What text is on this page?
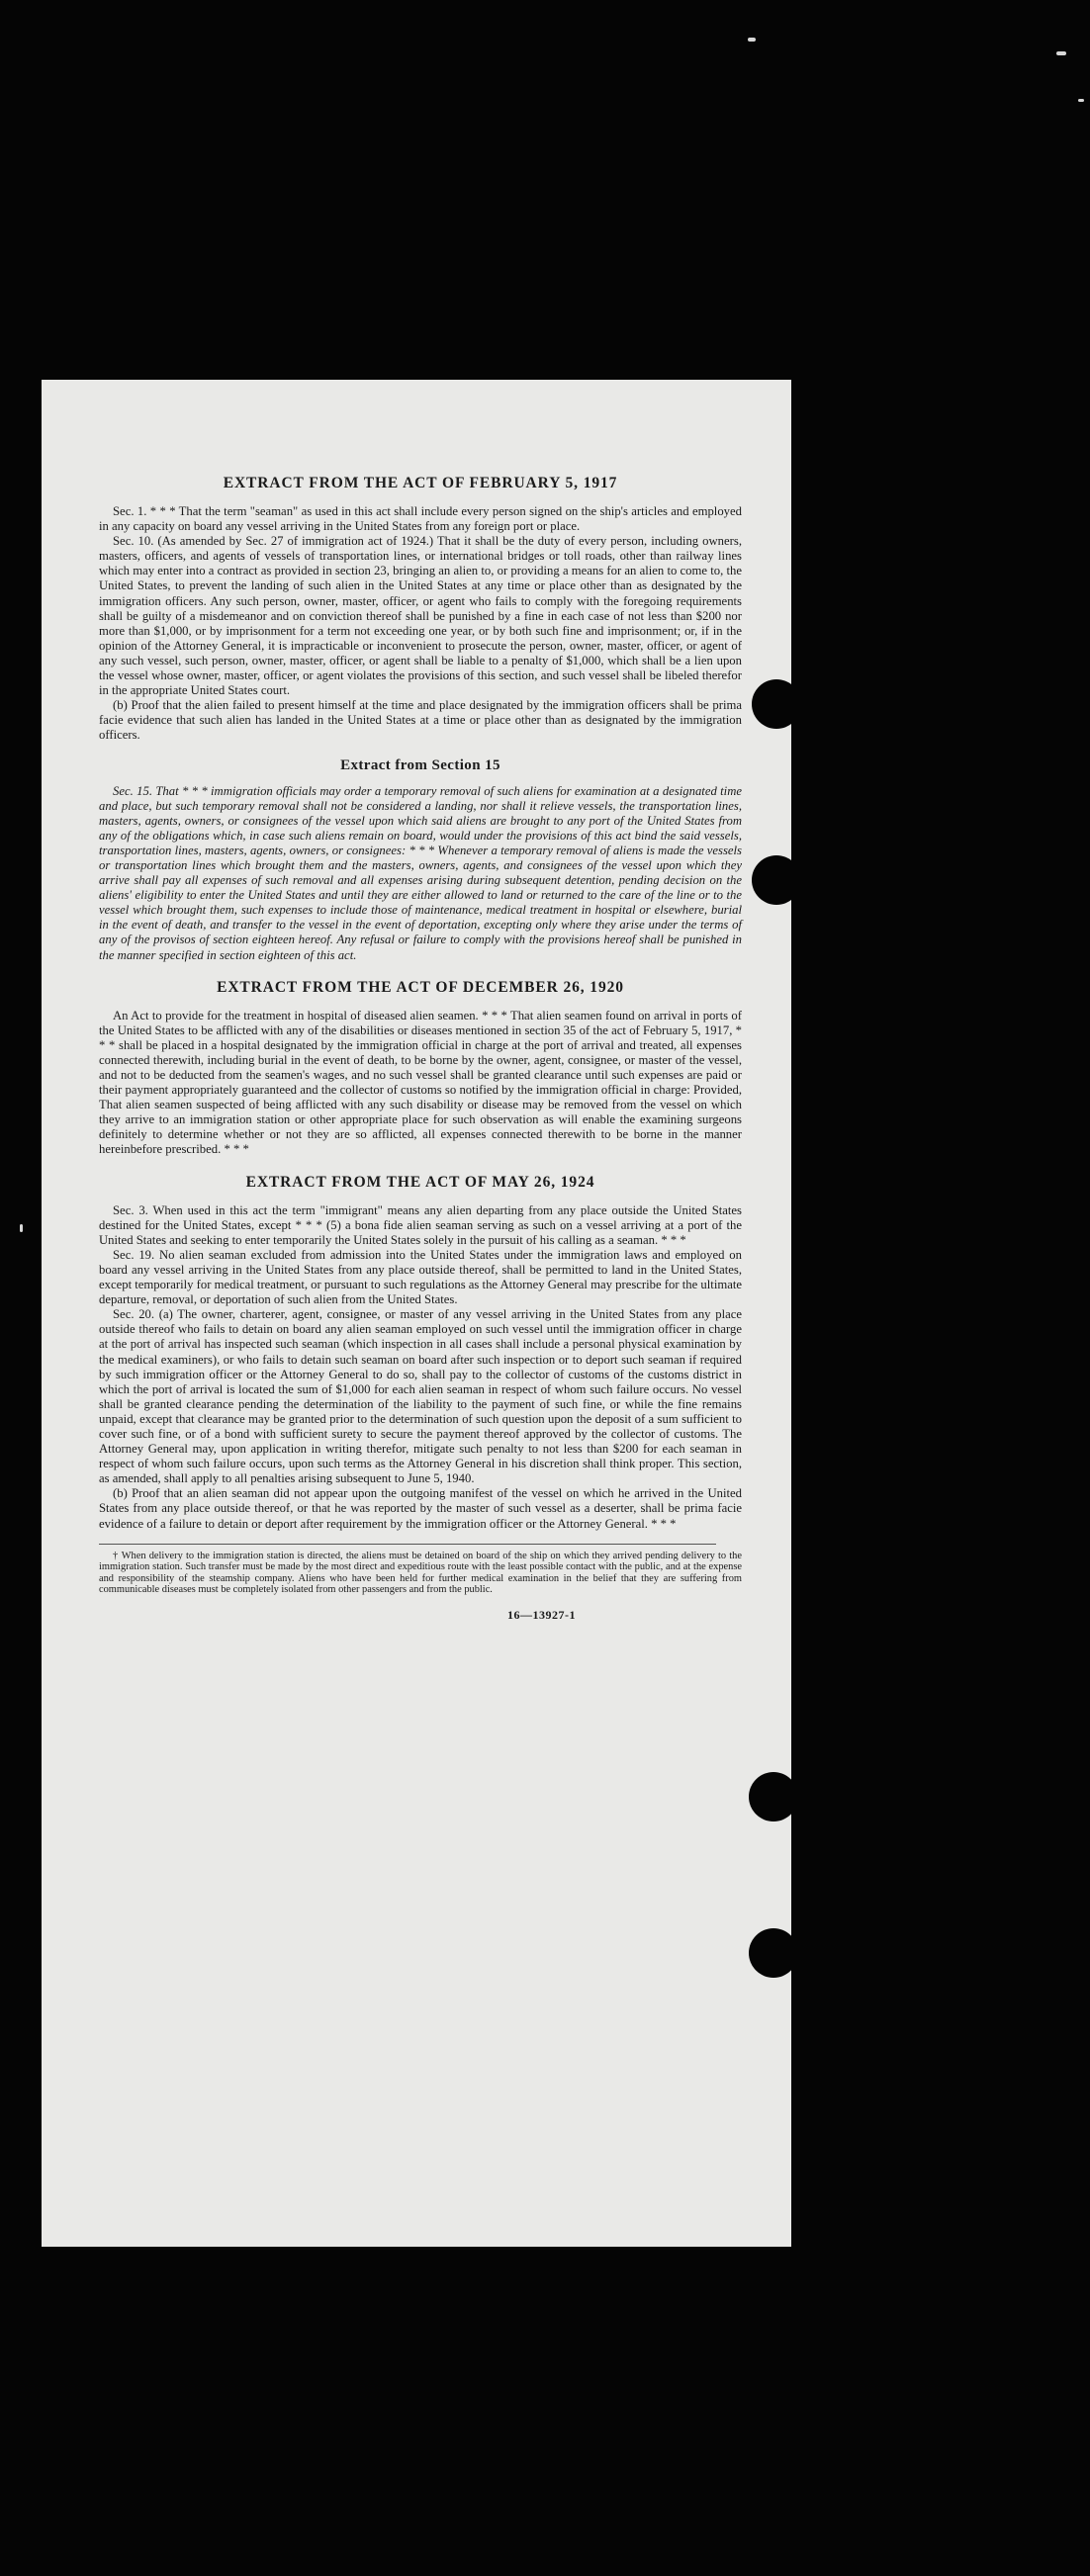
EXTRACT FROM THE ACT OF FEBRUARY 5, 1917

Sec. 1. * * * That the term "seaman" as used in this act shall include every person signed on the ship's articles and employed in any capacity on board any vessel arriving in the United States from any foreign port or place.

Sec. 10. (As amended by Sec. 27 of immigration act of 1924.) That it shall be the duty of every person, including owners, masters, officers, and agents of vessels of transportation lines, or international bridges or toll roads, other than railway lines which may enter into a contract as provided in section 23, bringing an alien to, or providing a means for an alien to come to, the United States, to prevent the landing of such alien in the United States at any time or place other than as designated by the immigration officers. Any such person, owner, master, officer, or agent who fails to comply with the foregoing requirements shall be guilty of a misdemeanor and on conviction thereof shall be punished by a fine in each case of not less than $200 nor more than $1,000, or by imprisonment for a term not exceeding one year, or by both such fine and imprisonment; or, if in the opinion of the Attorney General, it is impracticable or inconvenient to prosecute the person, owner, master, officer, or agent of any such vessel, such person, owner, master, officer, or agent shall be liable to a penalty of $1,000, which shall be a lien upon the vessel whose owner, master, officer, or agent violates the provisions of this section, and such vessel shall be libeled therefor in the appropriate United States court.

(b) Proof that the alien failed to present himself at the time and place designated by the immigration officers shall be prima facie evidence that such alien has landed in the United States at a time or place other than as designated by the immigration officers.

Extract from Section 15

Sec. 15. That * * * immigration officials may order a temporary removal of such aliens for examination at a designated time and place, but such temporary removal shall not be considered a landing, nor shall it relieve vessels, the transportation lines, masters, agents, owners, or consignees of the vessel upon which said aliens are brought to any port of the United States from any of the obligations which, in case such aliens remain on board, would under the provisions of this act bind the said vessels, transportation lines, masters, agents, owners, or consignees: * * * Whenever a temporary removal of aliens is made the vessels or transportation lines which brought them and the masters, owners, agents, and consignees of the vessel upon which they arrive shall pay all expenses of such removal and all expenses arising during subsequent detention, pending decision on the aliens' eligibility to enter the United States and until they are either allowed to land or returned to the care of the line or to the vessel which brought them, such expenses to include those of maintenance, medical treatment in hospital or elsewhere, burial in the event of death, and transfer to the vessel in the event of deportation, excepting only where they arise under the terms of any of the provisos of section eighteen hereof. Any refusal or failure to comply with the provisions hereof shall be punished in the manner specified in section eighteen of this act.

EXTRACT FROM THE ACT OF DECEMBER 26, 1920

An Act to provide for the treatment in hospital of diseased alien seamen. * * * That alien seamen found on arrival in ports of the United States to be afflicted with any of the disabilities or diseases mentioned in section 35 of the act of February 5, 1917, * * * shall be placed in a hospital designated by the immigration official in charge at the port of arrival and treated, all expenses connected therewith, including burial in the event of death, to be borne by the owner, agent, consignee, or master of the vessel, and not to be deducted from the seamen's wages, and no such vessel shall be granted clearance until such expenses are paid or their payment appropriately guaranteed and the collector of customs so notified by the immigration official in charge: Provided, That alien seamen suspected of being afflicted with any such disability or disease may be removed from the vessel on which they arrive to an immigration station or other appropriate place for such observation as will enable the examining surgeons definitely to determine whether or not they are so afflicted, all expenses connected therewith to be borne in the manner hereinbefore prescribed. * * *

EXTRACT FROM THE ACT OF MAY 26, 1924

Sec. 3. When used in this act the term "immigrant" means any alien departing from any place outside the United States destined for the United States, except * * * (5) a bona fide alien seaman serving as such on a vessel arriving at a port of the United States and seeking to enter temporarily the United States solely in the pursuit of his calling as a seaman. * * *

Sec. 19. No alien seaman excluded from admission into the United States under the immigration laws and employed on board any vessel arriving in the United States from any place outside thereof, shall be permitted to land in the United States, except temporarily for medical treatment, or pursuant to such regulations as the Attorney General may prescribe for the ultimate departure, removal, or deportation of such alien from the United States.

Sec. 20. (a) The owner, charterer, agent, consignee, or master of any vessel arriving in the United States from any place outside thereof who fails to detain on board any alien seaman employed on such vessel until the immigration officer in charge at the port of arrival has inspected such seaman (which inspection in all cases shall include a personal physical examination by the medical examiners), or who fails to detain such seaman on board after such inspection or to deport such seaman if required by such immigration officer or the Attorney General to do so, shall pay to the collector of customs of the customs district in which the port of arrival is located the sum of $1,000 for each alien seaman in respect of whom such failure occurs. No vessel shall be granted clearance pending the determination of the liability to the payment of such fine, or while the fine remains unpaid, except that clearance may be granted prior to the determination of such question upon the deposit of a sum sufficient to cover such fine, or of a bond with sufficient surety to secure the payment thereof approved by the collector of customs. The Attorney General may, upon application in writing therefor, mitigate such penalty to not less than $200 for each seaman in respect of whom such failure occurs, upon such terms as the Attorney General in his discretion shall think proper. This section, as amended, shall apply to all penalties arising subsequent to June 5, 1940.

(b) Proof that an alien seaman did not appear upon the outgoing manifest of the vessel on which he arrived in the United States from any place outside thereof, or that he was reported by the master of such vessel as a deserter, shall be prima facie evidence of a failure to detain or deport after requirement by the immigration officer or the Attorney General. * * *

† When delivery to the immigration station is directed, the aliens must be detained on board of the ship on which they arrived pending delivery to the immigration station. Such transfer must be made by the most direct and expeditious route with the least possible contact with the public, and at the expense and responsibility of the steamship company. Aliens who have been held for further medical examination in the belief that they are suffering from communicable diseases must be completely isolated from other passengers and from the public.

16—13927-1
